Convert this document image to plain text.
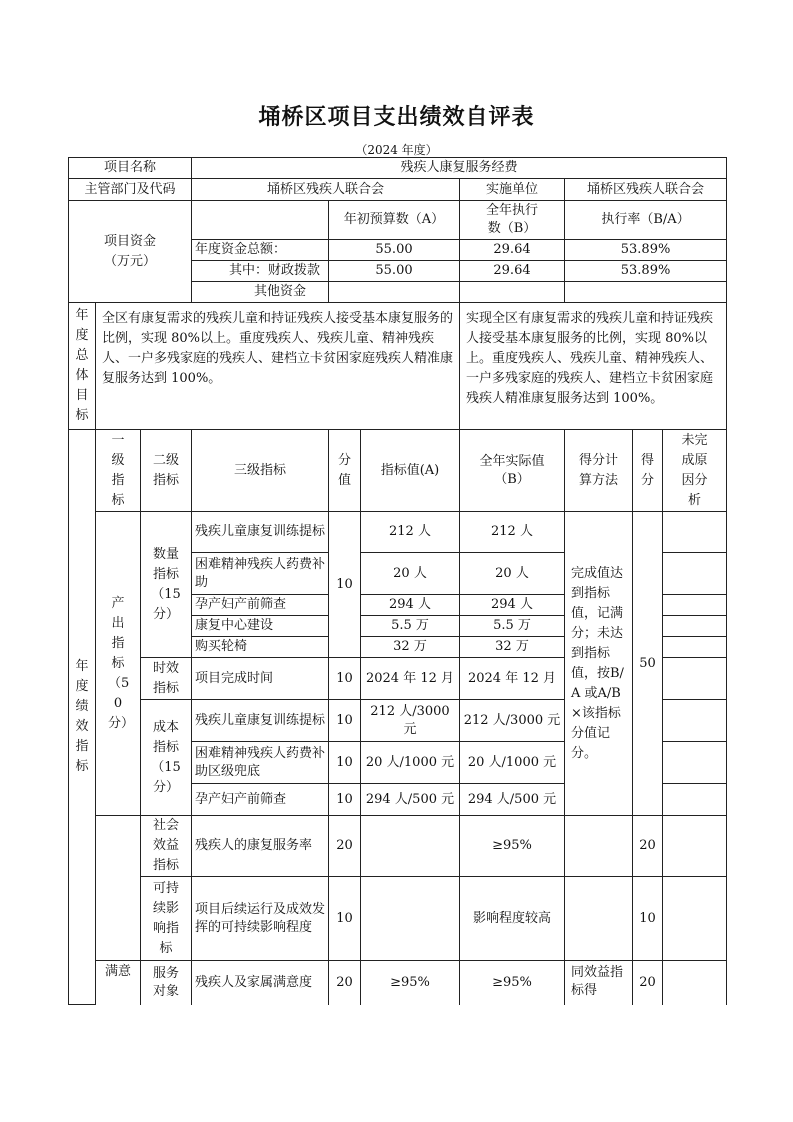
埇桥区项目支出绩效自评表
（2024 年度）
项目名称			残疾人康复服务经费						
主管部门及代码			埇桥区残疾人联合会			实施单位	埇桥区残疾人联合会		
项目资金（万元）				年初预算数（A）		全年执行数（B）	执行率（B/A）		
			年度资金总额：	55.00		29.64	53.89%		
			其中：财政拨款	55.00		29.64	53.89%		
			其他资金						
年度总体目标	全区有康复需求的残疾儿童和持证残疾人接受基本康复服务的比例，实现 80%以上。重度残疾人、残疾儿童、精神残疾人、一户多残家庭的残疾人、建档立卡贫困家庭残疾人精准康复服务达到 100%。					实现全区有康复需求的残疾儿童和持证残疾人接受基本康复服务的比例，实现 80%以上。重度残疾人、残疾儿童、精神残疾人、一户多残家庭的残疾人、建档立卡贫困家庭残疾人精准康复服务达到 100%。			
年度绩效指标	一级指标	二级指标	三级指标	分值	指标值(A)	全年实际值（B）	得分计算方法	得分	未完成原因分析
	产出指标（50分）	数量指标（15分）	残疾儿童康复训练提标	10	212 人	212 人	完成值达到指标值，记满分；未达到指标值，按B/A 或A/B×该指标分值记分。	50	
			困难精神残疾人药费补助		20 人	20 人			
			孕产妇产前筛查		294 人	294 人			
			康复中心建设		5.5 万	5.5 万			
			购买轮椅		32 万	32 万			
		时效指标	项目完成时间	10	2024 年 12 月	2024 年 12 月			
		成本指标（15分）	残疾儿童康复训练提标	10	212 人/3000 元	212 人/3000 元			
			困难精神残疾人药费补助区级兜底	10	20 人/1000 元	20 人/1000 元			
			孕产妇产前筛查	10	294 人/500 元	294 人/500 元			
		社会效益指标	残疾人的康复服务率	20		≥95%		20	
		可持续影响指标	项目后续运行及成效发挥的可持续影响程度	10		影响程度较高		10	
	满意	服务对象	残疾人及家属满意度	20	≥95%	≥95%	同效益指标得	20	
